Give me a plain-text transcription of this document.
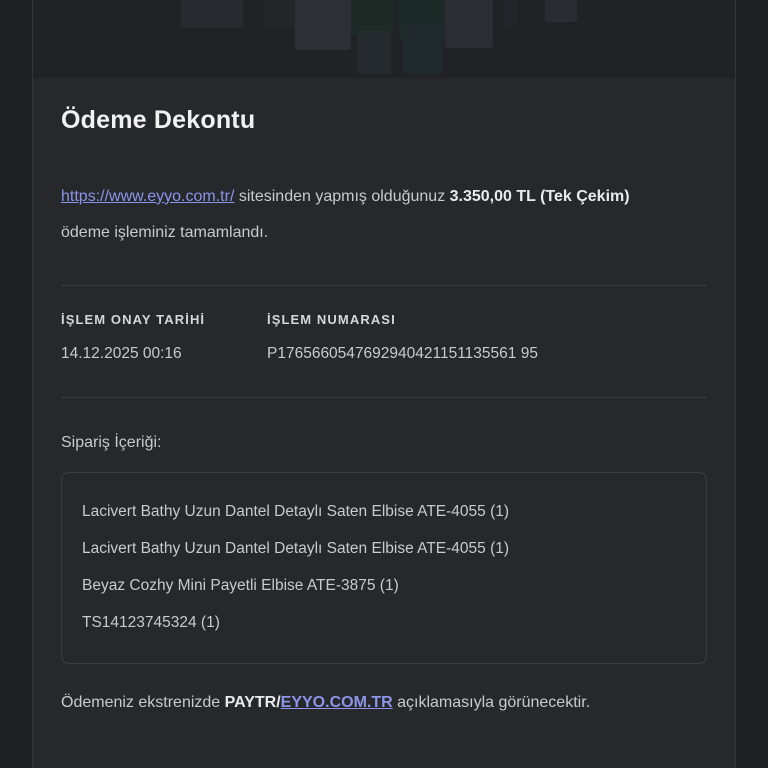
Ödeme Dekontu

https://www.eyyo.com.tr/ sitesinden yapmış olduğunuz 3.350,00 TL (Tek Çekim) ödeme işleminiz tamamlandı.

İŞLEM ONAY TARİHİ	İŞLEM NUMARASI
14.12.2025 00:16	P1765660547692940421151135561 95
Sipariş İçeriği:
Lacivert Bathy Uzun Dantel Detaylı Saten Elbise ATE-4055 (1)
Lacivert Bathy Uzun Dantel Detaylı Saten Elbise ATE-4055 (1)
Beyaz Cozhy Mini Payetli Elbise ATE-3875 (1)
TS14123745324 (1)

Ödemeniz ekstrenizde PAYTR/EYYO.COM.TR açıklamasıyla görünecektir.
